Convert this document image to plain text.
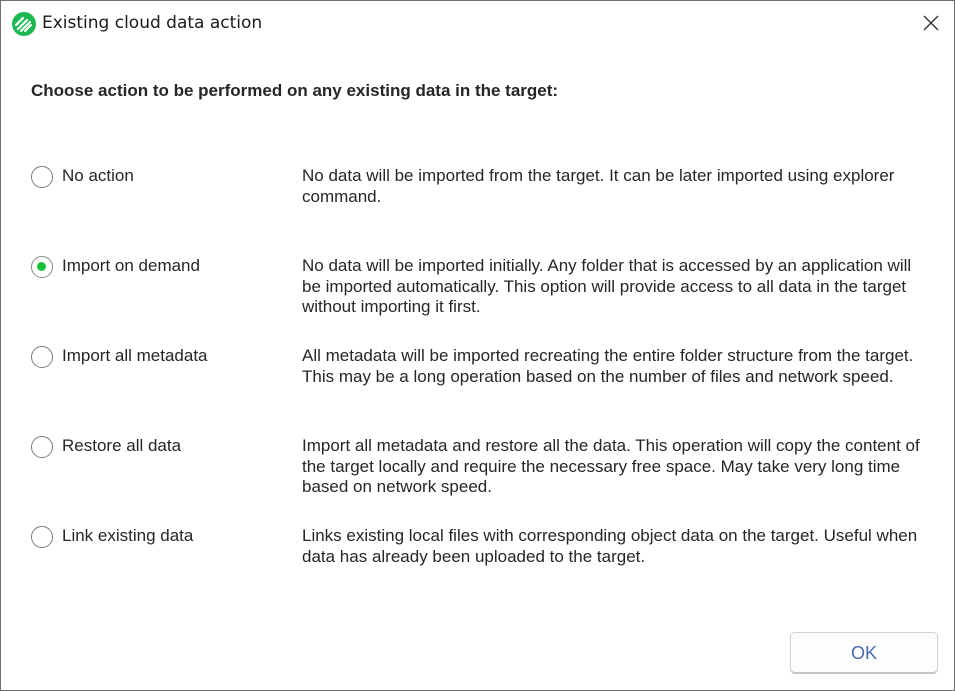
Existing cloud data action
Choose action to be performed on any existing data in the target:
No action	No data will be imported from the target. It can be later imported using explorer command.
Import on demand	No data will be imported initially. Any folder that is accessed by an application will be imported automatically. This option will provide access to all data in the target without importing it first.
Import all metadata	All metadata will be imported recreating the entire folder structure from the target. This may be a long operation based on the number of files and network speed.
Restore all data	Import all metadata and restore all the data. This operation will copy the content of the target locally and require the necessary free space. May take very long time based on network speed.
Link existing data	Links existing local files with corresponding object data on the target. Useful when data has already been uploaded to the target.
OK
